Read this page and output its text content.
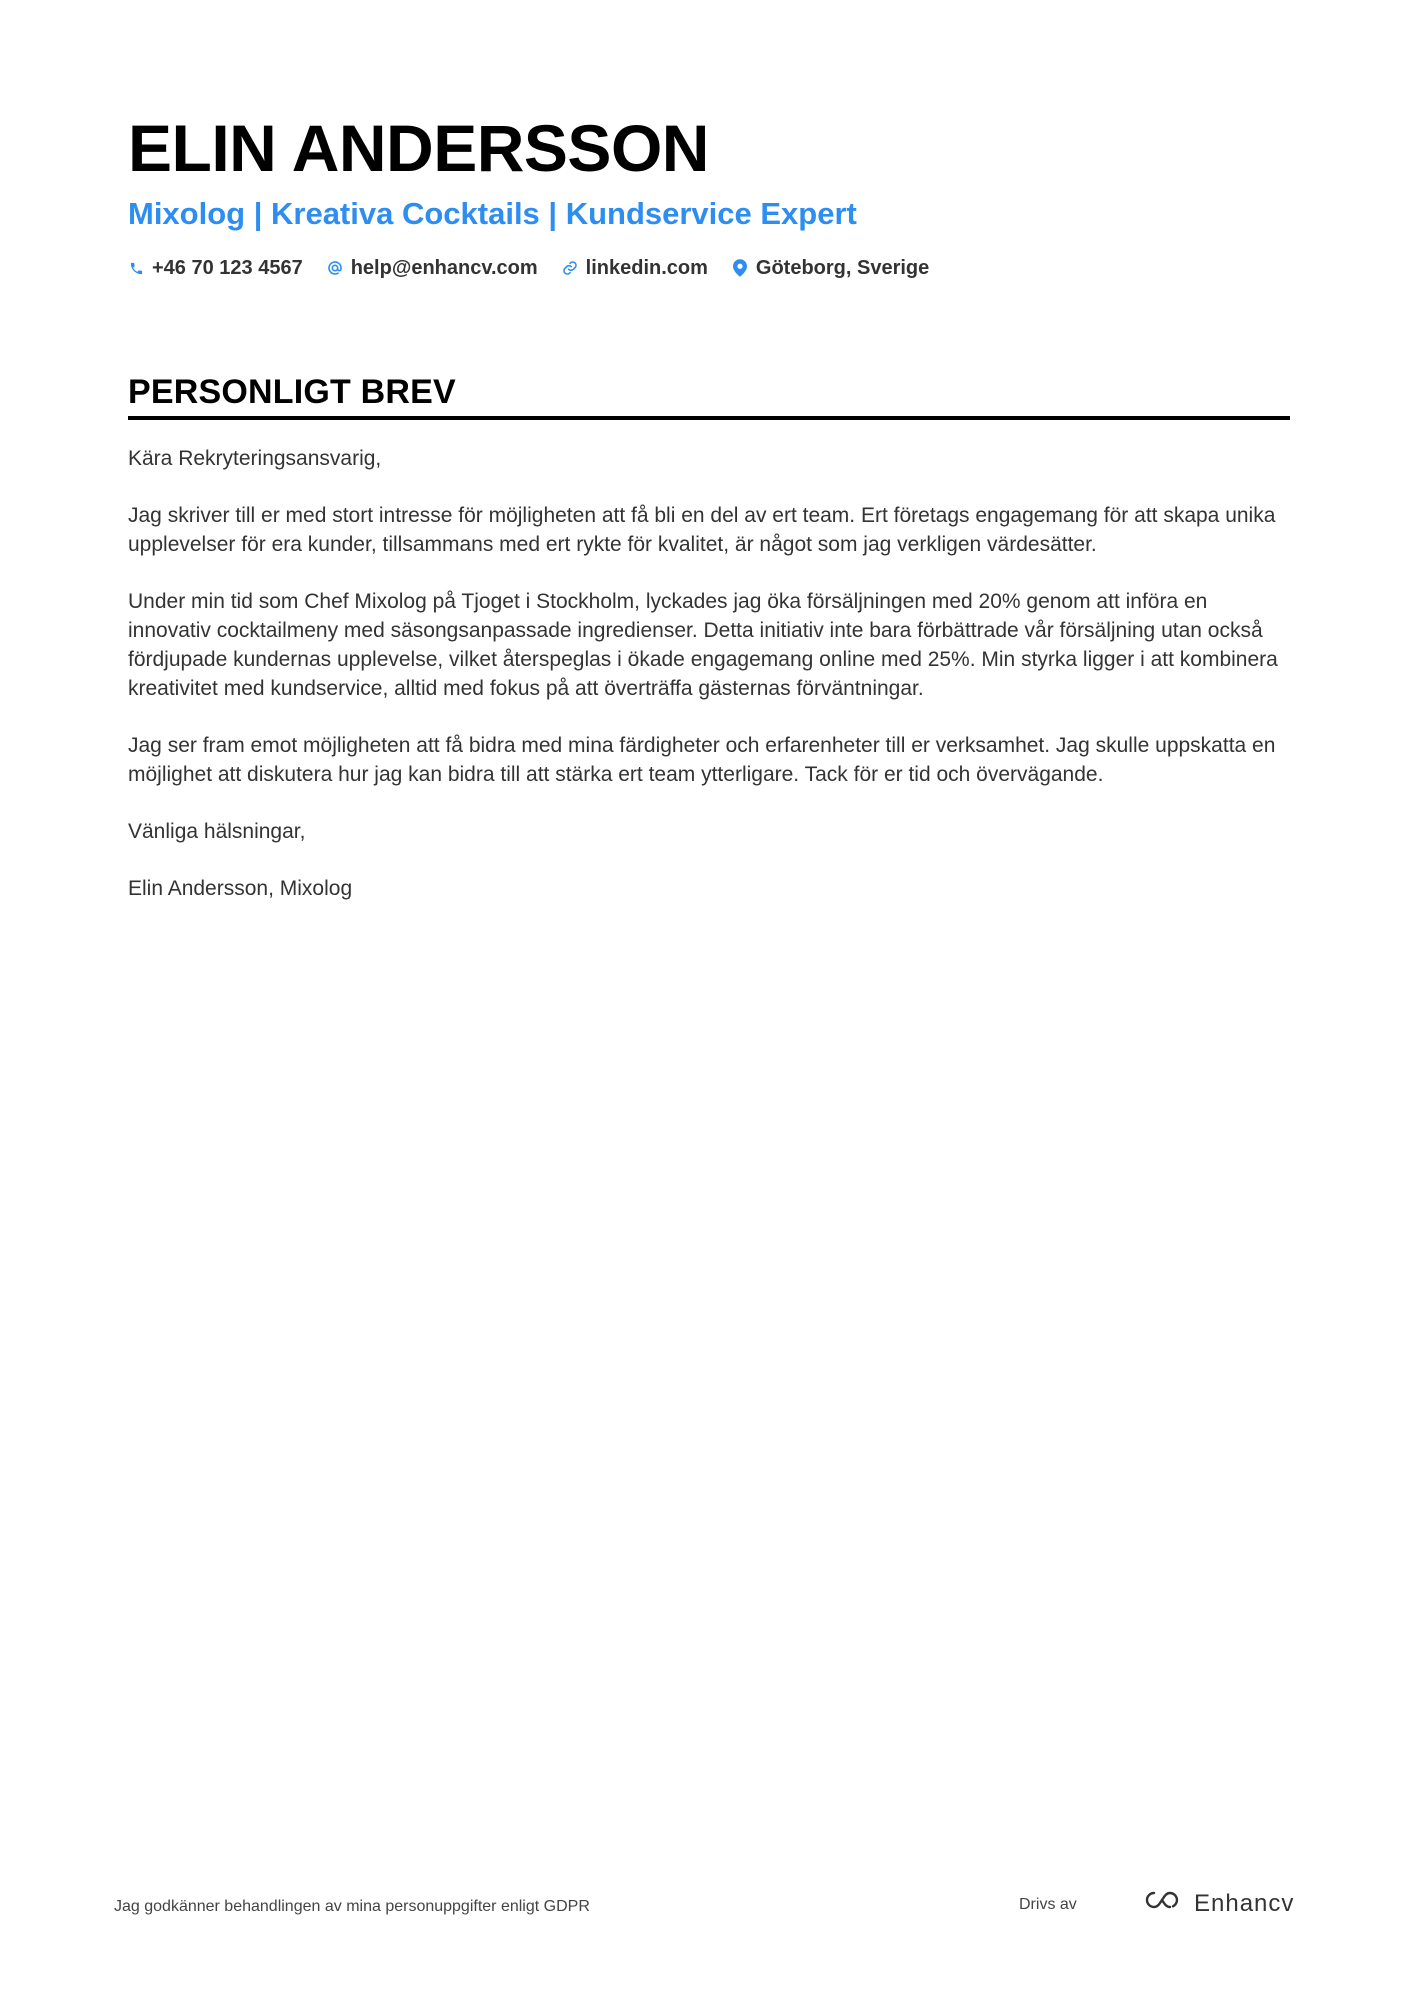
ELIN ANDERSSON
Mixolog | Kreativa Cocktails | Kundservice Expert
+46 70 123 4567 help@enhancv.com linkedin.com Göteborg, Sverige
PERSONLIGT BREV

Kära Rekryteringsansvarig,

Jag skriver till er med stort intresse för möjligheten att få bli en del av ert team. Ert företags engagemang för att skapa unika upplevelser för era kunder, tillsammans med ert rykte för kvalitet, är något som jag verkligen värdesätter.

Under min tid som Chef Mixolog på Tjoget i Stockholm, lyckades jag öka försäljningen med 20% genom att införa en innovativ cocktailmeny med säsongsanpassade ingredienser. Detta initiativ inte bara förbättrade vår försäljning utan också fördjupade kundernas upplevelse, vilket återspeglas i ökade engagemang online med 25%. Min styrka ligger i att kombinera kreativitet med kundservice, alltid med fokus på att överträffa gästernas förväntningar.

Jag ser fram emot möjligheten att få bidra med mina färdigheter och erfarenheter till er verksamhet. Jag skulle uppskatta en möjlighet att diskutera hur jag kan bidra till att stärka ert team ytterligare. Tack för er tid och övervägande.

Vänliga hälsningar,

Elin Andersson, Mixolog

Jag godkänner behandlingen av mina personuppgifter enligt GDPR	Drivs av	Enhancv
